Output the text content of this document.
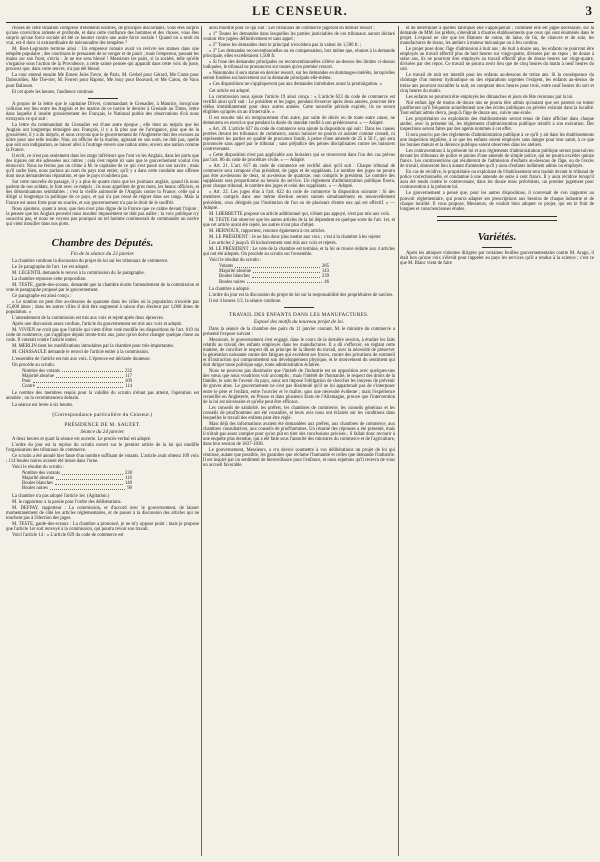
LE CENSEUR.	3

choses de cette situation complexe d'éléments hostiles, de principes discordants, vous êtes surpris qu'une conviction ardente et profonde, et dans cette confiance des hommes et des choses, vous êtes surpris qu'une force sociale ait été ce heurter contre une autre force sociale ! Quand on a senti du vrai, est-il donc si extraordinaire de méconnaître des tempêtes ?

M. Bost-Legroutre termine ainsi : Un empereur romain avait vu revivre ses statues dans une tempête populaire ; des courtisans le pressaient de se venger et de punir ; mais l'empereur, passant les mains sur son front, s'écria : Je ne me sens blessé ! Messieurs les pairs, si la société, telle qu'elle s'organise sous l'action de la Providence, a cette sainte pensée qui apparaît dans cette voix du juste, prouvez que, dans votre œuvre, n'a pas été blessé.

La cour entend ensuite Me Ernest Jules Favre, de Paris, M. Gerbel pour Gérard, Me Conte pour Dabourdieu, Me Thé-rier, M. Ferreri pour Rapour, Me Jouy pour Bouvard, et Me Caron, de Vaux pour Balisson.

Et cet après les heures, l'audience continue.

A propos de la lettre que le capitaine Driver, commandant le Grenadier, à Maurice, lorsqu'une collision eut lieu entre les Anglais et les marins de ce navire le dernier à Grenade au Times, lettre dans laquelle il insulte grossièrement les Français, le National publie des observations d'où nous extrayons ce qui suit :

La lettre du commandant du Grenadier est d'une autre époque ; elle tient au mépris que les Anglais ont longtemps témoigné aux Français, il y a là plus que de l'arrogance, plus que de la grossièreté, il y a du mépris, et nous croyons que le gouvernement de l'Angleterre doit des excuses au nôtre pour une telle insulte. Non, un officier de la marine, agissant en son nom, ne doit pas, quelle que soit son indignation, se laisser aller à l'outrage envers une nation amie, envers une nation comme la France.

Il écrit, ce n'est pas seulement dans les rangs inférieurs que l'ont vu les Anglais, dans les ports que des injures ont été adressées aux nôtres ; cela s'est répété ici sans que le gouvernement voulut s'en émouvoir. Nous ne ferons pas un crime à M. le capitaine de ce qui s'est passé sur son navire ; mais qu'il sache bien, nous parlons au nom du pays tout entier, qu'il y a dans cette conduite une offense dont nous demanderons réparation, et que le pays n'oubliera pas.

Sur cette nouvelle de passage, il y a plus de quatre mois que les journaux anglais, quand ils nous parlent de nos soldats, le font avec ce mépris ; ils nous appellent de gros mots, les beaux officiers, et des dénominations semblables ; c'est la vieille animosité de l'Anglais contre la France, celle qui a dirigé si longtemps la politique de ce pays, et qui n'a pas cessé de régner dans ses rangs. Mais la France est assez forte pour en sourire, et son gouvernement n'a pas le droit de le souffrir.

Nous ajoutons, quant à nous, que rien n'est plus digne de la France que ce calme devant l'injure ; la pensée que les Anglais peuvent nous insulter impunément ne doit pas naître ; la voix publique n'y souscrira pas, et nous ne voyons pas pourquoi un tel homme continuerait de commander un navire qui vient mouiller dans nos ports.

Chambre des Députés.
Fin de la séance du 23 janvier.

La chambre continue la discussion du projet de loi sur les tribunaux de commerce.

Le 2e paragraphe de l'art. 1er est adopté.

M. LEGENTIL demande le renvoi à la commission du 3e paragraphe.

La chambre repousse cette proposition.

M. TESTE, garde-des-sceaux, demande que la chambre écarte l'amendement de la commission et vote le paragraphe proposé par le gouvernement.

Ce paragraphe est ainsi conçu :

« Le nombre ne peut être au-dessous de quarante dans les villes où la population n'excède pas 15,000 âmes ; dans les autres villes il doit être augmenté à raison d'un électeur par 1,000 âmes de population. »

L'amendement de la commission est mis aux voix et rejeté après deux épreuves.

Après une discussion assez confuse, l'article du gouvernement est mis aux voix et adopté.

M. VIVIEN ne croit pas que l'article qui vient d'être voté modifie les dispositions de l'art. 619 du code de commerce, qui s'applique depuis trente-trois ans, pour qu'on doive changer quelque chose au code. Il voterait contre l'article entier.

M. MERLIN tient les modifications introduites par la chambre pour très-importantes.

M. CHASSAULE demande le renvoi de l'article entier à la commission.

L'ensemble de l'article est mis aux voix. L'épreuve est déclarée douteuse.

On procède au scrutin.

Nombre des votants	232
Majorité absolue	117
Pour	109
Contre	114

Le nombre des membres requis pour la validité du scrutin n'étant pas atteint, l'opération est annulée ; on la recommencera demain.

La séance est levée à six heures.

(Correspondance particulière du Censeur.)
PRÉSIDENCE DE M. SAUZET.
Séance du 24 janvier.

A deux heures et quart la séance est ouverte. Le procès-verbal est adopté.

L'ordre du jour est la reprise du scrutin ouvert sur le premier article de la loi qui modifie l'organisation des tribunaux de commerce.

Ce scrutin a été annulé hier faute d'un nombre suffisant de votants. L'article avait obtenu 109 voix ; 114 boules noires avaient été mises dans l'urne.

Voici le résultat du scrutin :

Nombre des votants	230
Majorité absolue	116
Boules blanches	140
Boules noires	90

La chambre n'a pas adopté l'article 1er. (Agitation.)

M. le rapporteur a la parole pour l'ordre des délibérations.

M. DEFFAY, rapporteur : La commission, et d'accord avec le gouvernement, de laisser momentanément de côté les articles réglementaires, et de passer à la discussion des articles qui ne touchent pas à l'élection des juges.

M. TESTE, garde-des-sceaux : La chambre a prononcé, je ne m'y oppose point ; mais je propose que l'article 1er soit renvoyé à la commission, qui pourra revoir son travail.

Voici l'article 14 : « L'article 629 du code de commerce est

ainsi modifié pour ce qui suit : Les tribunaux de commerce jugeront en dernier ressort :

» 1° Toutes les demandes dans lesquelles les parties justiciables de ces tribunaux auront déclaré vouloir être jugées définitivement et sans appel ;

» 2° Toutes les demandes dont le principal n'excédera pas la valeur de 1,500 fr. ;

» 3° Les demandes reconventionnelles ou en compensation, lors même que, réunies à la demande principale, elles excéderaient 1,500 fr.

» Si l'une des demandes principales ou reconventionnelles s'élève au-dessus des limites ci-dessus indiquées, le tribunal ne prononcera sur toutes qu'en premier ressort.

» Néanmoins il sera statué en dernier ressort, sur les demandes en dommages-intérêts, lorsqu'elles seront fondées exclusivement sur la demande principale elle-même.

» Ces dispositions ne s'appliqueront pas aux demandes introduites avant la promulgation. »

Cet article est adopté.

La commission nous ajoute l'article 19 ainsi conçu : « L'article 623 du code de commerce est rectifié ainsi qu'il suit : Le président et les juges, pendant d'exercer après deux années, pourront être réélus immédiatement pour deux autres années. Cette nouvelle période expirée, ils ne seront éligibles qu'après un an d'intervalle. »

Il est ensuite mis en remplacement d'un autre, par suite de décès ou de toute autre cause, ne demeurera en exercice que pendant la durée du mandat confié à son prédécesseur. » — Adopté.

« Art. 20. L'article 627 du code de commerce sera ajouté la disposition qui suit : Dans les causes portées devant les tribunaux de commerce, aucun huissier ne pourra ni assister comme conseil, ni représenter les parties en qualité de procureur fondé, à peine d'une amende de 25 à 50 f., qui sera prononcée sans appel par le tribunal ; sans préjudice des peines disciplinaires contre les huissiers contrevenants.

» Cette disposition n'est pas applicable aux huissiers qui se trouveront dans l'un des cas prévus par l'art. 86 du code de procédure civile. » — Adopté.

« Art. 21. L'art. 617 du code de commerce est rectifié ainsi qu'il suit : Chaque tribunal de commerce sera composé d'un président, de juges et de suppléants. Le nombre des juges ne pourra pas être au-dessous de deux, ni au-dessus de quatorze, non compris le président. Le nombre des suppléants sera proportionné au besoin du service. Un règlement d'administration publique fixera, pour chaque tribunal, le nombre des juges et celui des suppléants. » — Adopté.

« Art. 22. Les juges élus à l'art. 622 du code de commerce la disposition suivante : Si des membres compris dans une même élection seront sonnés simultanément en renouvellement précédent, ceux désignés par l'institution de l'un ou de plusieurs d'entre eux qui est effectif. » — Adopté.

M. LHERBETTE propose un article additionnel qui, n'étant pas appuyé, n'est pas mis aux voix.

M. TESTE fait observer que les autres articles de la loi dépendent en quelque sorte de l'art. 1er, et que cet article ayant été rejeté, les autres n'ont plus d'objet.

M. HERNOUX, rapporteur, renonce également à ces articles.

M. LE PRÉSIDENT : Je ne fais donc plus mettre aux voix ; c'est à la chambre à les rejeter.

Les articles 2 jusqu'à 18 inclusivement sont mis aux voix et rejetés.

M. LE PRÉSIDENT : Le vote de la chambre est terminé, et la loi se trouve réduite aux 4 articles qui ont été adoptés. On procède au scrutin sur l'ensemble.

Voici le résultat du scrutin :

Votants	285
Majorité absolue	143
Boules blanches	239
Boules noires	46

La chambre a adopté.

L'ordre du jour est la discussion du projet de loi sur la responsabilité des propriétaires de navires.

Il est 4 heures 1/2, la séance continue.

TRAVAIL DES ENFANTS DANS LES MANUFACTURES.
Exposé des motifs du nouveau projet de loi.

Dans la séance de la chambre des pairs du 11 janvier courant, M. le ministre du commerce a présenté l'exposé suivant :

Messieurs, le gouvernement s'est engagé, dans le cours de la dernière session, à étudier les faits relatifs au travail des enfants employés dans les manufactures. Il a dû s'efforcer, en réglant cette matière, de concilier le respect dû au principe de la liberté du travail, avec la nécessité de préserver la génération naissante contre des fatigues qui excèdent ses forces, contre des privations de sommeil et d'instruction qui compromettent son développement physique, et le mouvement du sentiment qui doit diriger toute politique sage, toute administration éclairée.

Nous ne pouvons pas dissimuler que l'intérêt de l'industrie est en opposition avec quelques-uns des vœux que nous voudrions voir accomplis ; mais l'intérêt de l'humanité, le respect des droits de la famille, le soin de l'avenir du pays, nous ont imposé l'obligation de chercher les moyens de prévenir de graves abus. Le gouvernement ne s'est pas dissimulé qu'il ne lui appartenait pas de s'interposer entre le père et l'enfant, entre l'ouvrier et le maître, sans une nécessité évidente ; mais l'expérience recueillie en Angleterre, en Prusse et dans plusieurs États de l'Allemagne, prouve que l'intervention de la loi est nécessaire et qu'elle peut être efficace.

Les conseils de salubrité, les préfets, les chambres de commerce, les conseils généraux et les conseils de prud'hommes ont été consultés, et leurs avis nous ont éclairés sur les conditions dans lesquelles le travail des enfants peut être réglé.

Mais déjà des informations avaient été demandées aux préfets, aux chambres de commerce, aux chambres consultatives, aux conseils de prud'hommes. Un résumé des réponses a été présenté, mais il n'était pas assez complet pour qu'on pût en tirer des conclusions précises ; il fallait donc recourir à une enquête plus étendue, qui a été faite sous l'autorité des ministres du commerce et de l'agriculture, dans leur session de 1837-1838.

Le gouvernement, Messieurs, a cru devoir soumettre à vos délibérations un projet de loi qui réunisse, autant que possible, les garanties que réclame l'humanité et celles que demande l'industrie. Il est inspiré par un sentiment de bienveillance pour l'enfance, et nous espérons qu'il recevra de vous un accueil favorable.

et de déterminer à quelles fabriques elle s'appliquerait ; comment elle est jugée nécessaire, sur la demande de MM. les préfets, s'étendrait à d'autres établissements que ceux qui sont énumérés dans le projet. L'exposé ne cite que les filatures de coton, de laine, de lin, de chanvre et de soie, les manufactures de tissus, les ateliers à moteur mécanique ou à feu continu.

Le projet pose donc l'âge d'admission à huit ans ; de huit à douze ans, les enfants ne pourront être employés au travail effectif plus de huit heures sur vingt-quatre, divisées par un repos ; de douze à seize ans, ils ne pourront être employés au travail effectif plus de douze heures sur vingt-quatre, divisées par des repos. Ce travail ne pourra avoir lieu que de cinq heures du matin à neuf heures du soir.

Le travail de nuit est interdit pour les enfants au-dessous de treize ans. Si la conséquence du chômage d'un moteur hydraulique ou des réparations urgentes l'exigent, les enfants au-dessus de treize ans pourront travailler la nuit, en comptant deux heures pour trois, entre neuf heures du soir et cinq heures du matin.

Les enfants ne pourront être employés les dimanches et jours de fête reconnus par la loi.

Nul enfant âgé de moins de douze ans ne pourra être admis qu'autant que ses parents ou tuteur justifieront qu'il fréquente actuellement une des écoles publiques ou privées existant dans la localité. Tout enfant admis devra, jusqu'à l'âge de douze ans, suivre une école.

Les propriétaires ou exploitants des établissements seront tenus de faire afficher dans chaque atelier, avec la présente loi, les règlements d'administration publique relatifs à son exécution. Des inspections seront faites par des agents nommés à cet effet.

Il sera pourvu par des règlements d'administration publique à ce qu'il y ait dans les établissements une inspection régulière, à ce que les enfants soient employés sans danger pour leur santé, à ce que les bonnes mœurs et la décence publique soient observées dans les ateliers.

Les contraventions à la présente loi et aux règlements d'administration publique seront poursuivies devant les tribunaux de police et punies d'une amende de simple police, qui ne pourra excéder quinze francs. Les contraventions qui résulteront de l'admission d'enfants au-dessous de l'âge, ou de l'excès de travail, donneront lieu à autant d'amendes qu'il y aura d'enfants indûment admis ou employés.

En cas de récidive, le propriétaire ou exploitant de l'établissement sera traduit devant le tribunal de police correctionnelle, et condamné à une amende de seize à cent francs. Il y aura récidive lorsqu'il aura été rendu contre le contrevenant, dans les douze mois précédents, un premier jugement pour contravention à la présente loi.

Le gouvernement a pensé que, pour les autres dispositions, il convenait de s'en rapporter au pouvoir réglementaire, qui pourra adapter ses prescriptions aux besoins de chaque industrie et de chaque localité. Il vous propose, Messieurs, de vouloir bien adopter ce projet, qui est le fruit de longues et consciencieuses études.

Variétés.

Après les attaques violentes dirigées par certaines feuilles gouvernementales contre M. Arago, il était bon qu'une voix s'élevât pour rappeler au pays les services qu'il a rendus à la science ; c'est ce que M. Blanc vient de faire
